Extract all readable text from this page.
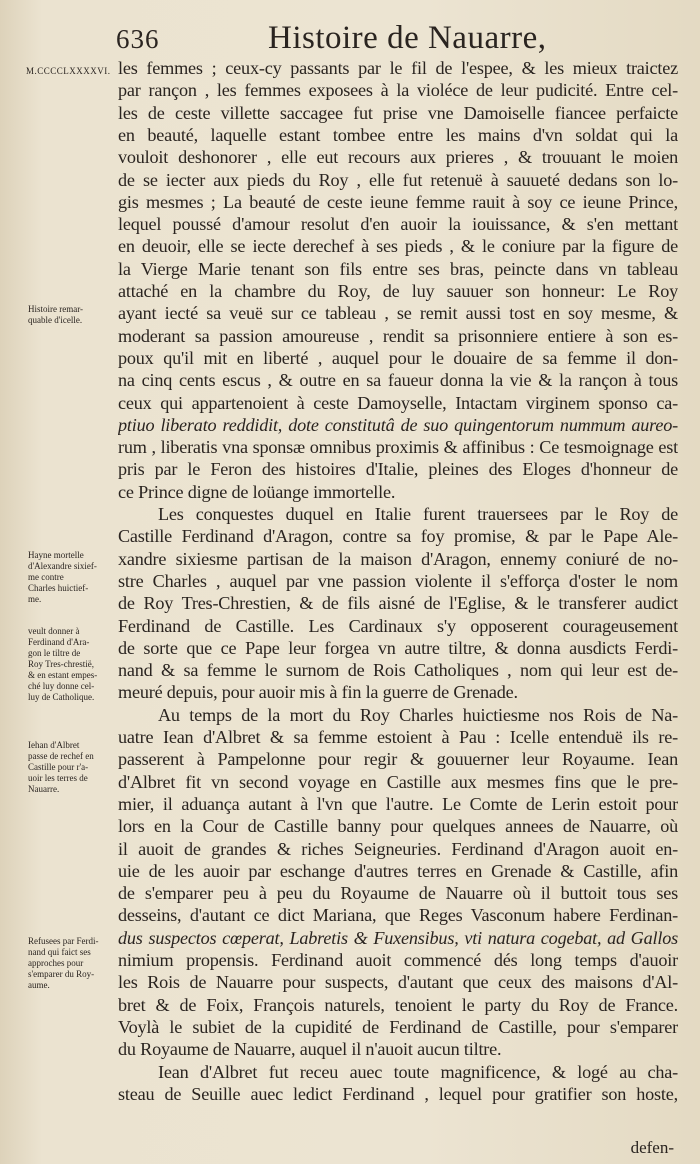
636	Histoire de Nauarre,
M.CCCCLXXXXVI.
Histoire remar-
quable d'icelle.
Hayne mortelle
d'Alexandre sixief-
me contre
Charles huictief-
me.
veult donner à
Ferdinand d'Ara-
gon le tiltre de
Roy Tres-chrestië,
& en estant empes-
ché luy donne cel-
luy de Catholique.
Iehan d'Albret
passe de rechef en
Castille pour r'a-
uoir les terres de
Nauarre.
Refusees par Ferdi-
nand qui faict ses
approches pour
s'emparer du Roy-
aume.
les femmes ; ceux-cy passants par le fil de l'espee, & les mieux traictez
par rançon , les femmes exposees à la violéce de leur pudicité. Entre cel-
les de ceste villette saccagee fut prise vne Damoiselle fiancee perfaicte
en beauté, laquelle estant tombee entre les mains d'vn soldat qui la
vouloit deshonorer , elle eut recours aux prieres , & trouuant le moien
de se iecter aux pieds du Roy , elle fut retenuë à sauueté dedans son lo-
gis mesmes ; La beauté de ceste ieune femme rauit à soy ce ieune Prince,
lequel poussé d'amour resolut d'en auoir la iouissance, & s'en mettant
en deuoir, elle se iecte derechef à ses pieds , & le coniure par la figure de
la Vierge Marie tenant son fils entre ses bras, peincte dans vn tableau
attaché en la chambre du Roy, de luy sauuer son honneur: Le Roy
ayant iecté sa veuë sur ce tableau , se remit aussi tost en soy mesme, &
moderant sa passion amoureuse , rendit sa prisonniere entiere à son es-
poux qu'il mit en liberté , auquel pour le douaire de sa femme il don-
na cinq cents escus , & outre en sa faueur donna la vie & la rançon à tous
ceux qui appartenoient à ceste Damoyselle, Intactam virginem sponso ca-
ptiuo liberato reddidit, dote constitutâ de suo quingentorum nummum aureo-
rum , liberatis vna sponsæ omnibus proximis & affinibus : Ce tesmoignage est
pris par le Feron des histoires d'Italie, pleines des Eloges d'honneur de
ce Prince digne de loüange immortelle.
Les conquestes duquel en Italie furent trauersees par le Roy de
Castille Ferdinand d'Aragon, contre sa foy promise, & par le Pape Ale-
xandre sixiesme partisan de la maison d'Aragon, ennemy coniuré de no-
stre Charles , auquel par vne passion violente il s'efforça d'oster le nom
de Roy Tres-Chrestien, & de fils aisné de l'Eglise, & le transferer audict
Ferdinand de Castille. Les Cardinaux s'y opposerent courageusement
de sorte que ce Pape leur forgea vn autre tiltre, & donna ausdicts Ferdi-
nand & sa femme le surnom de Rois Catholiques , nom qui leur est de-
meuré depuis, pour auoir mis à fin la guerre de Grenade.
Au temps de la mort du Roy Charles huictiesme nos Rois de Na-
uatre Iean d'Albret & sa femme estoient à Pau : Icelle entenduë ils re-
passerent à Pampelonne pour regir & gouuerner leur Royaume. Iean
d'Albret fit vn second voyage en Castille aux mesmes fins que le pre-
mier, il aduança autant à l'vn que l'autre. Le Comte de Lerin estoit pour
lors en la Cour de Castille banny pour quelques annees de Nauarre, où
il auoit de grandes & riches Seigneuries. Ferdinand d'Aragon auoit en-
uie de les auoir par eschange d'autres terres en Grenade & Castille, afin
de s'emparer peu à peu du Royaume de Nauarre où il buttoit tous ses
desseins, d'autant ce dict Mariana, que Reges Vasconum habere Ferdinan-
dus suspectos cœperat, Labretis & Fuxensibus, vti natura cogebat, ad Gallos
nimium propensis. Ferdinand auoit commencé dés long temps d'auoir
les Rois de Nauarre pour suspects, d'autant que ceux des maisons d'Al-
bret & de Foix, François naturels, tenoient le party du Roy de France.
Voylà le subiet de la cupidité de Ferdinand de Castille, pour s'emparer
du Royaume de Nauarre, auquel il n'auoit aucun tiltre.
Iean d'Albret fut receu auec toute magnificence, & logé au cha-
steau de Seuille auec ledict Ferdinand , lequel pour gratifier son hoste,
defen-
